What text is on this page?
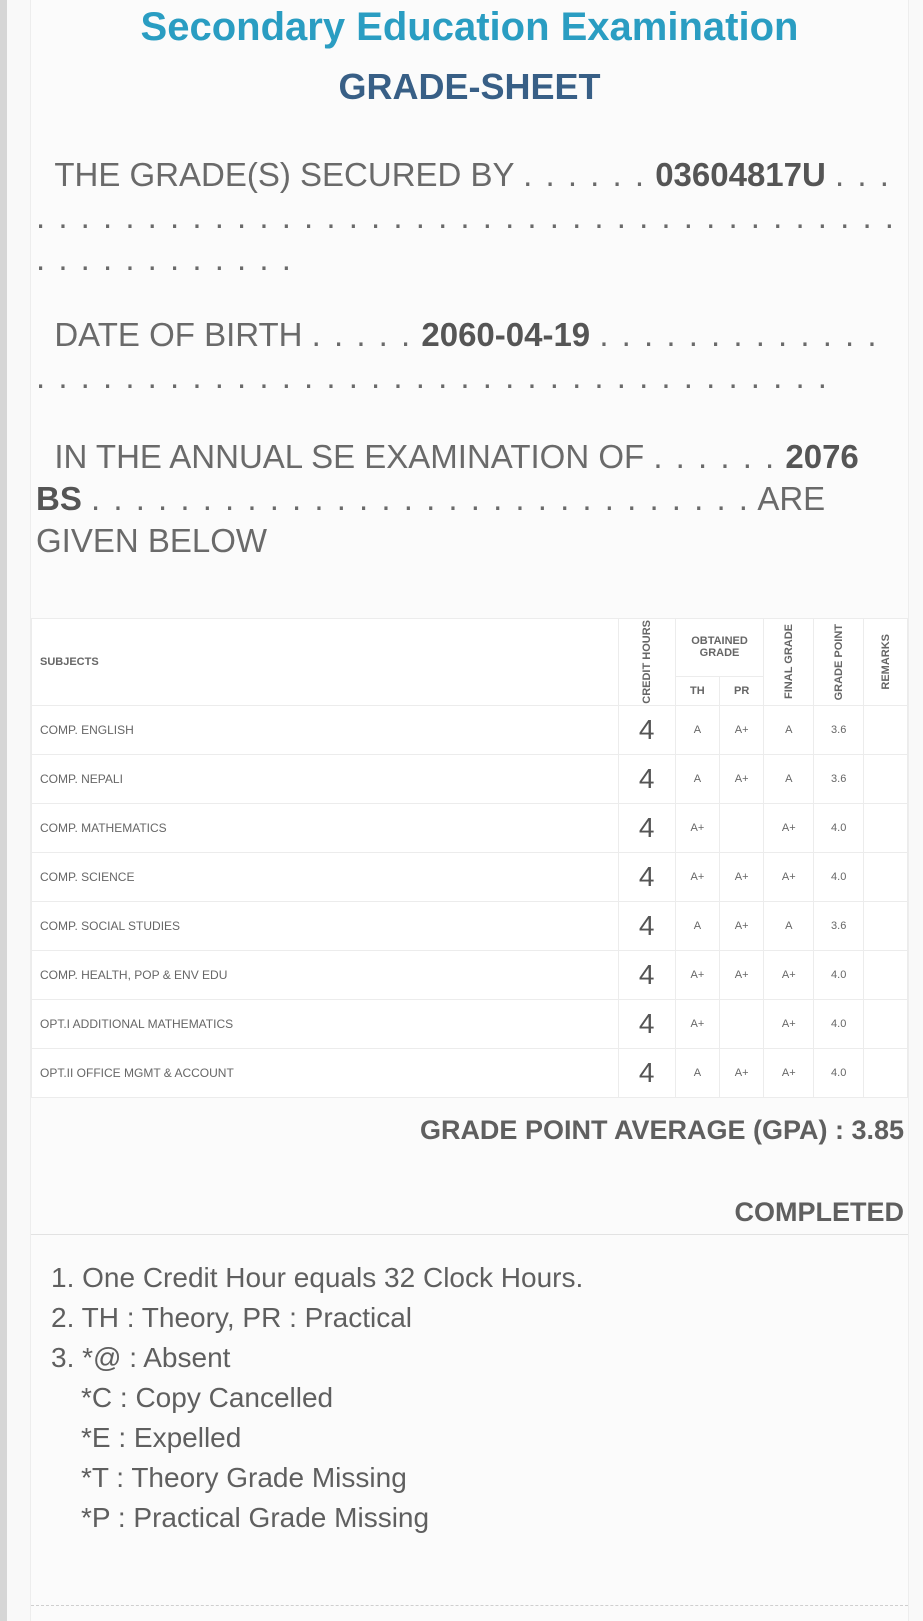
Secondary Education Examination
GRADE-SHEET
THE GRADE(S) SECURED BY . . . . . . 03604817U . . . . . . . . . . . . . . . . . . . . . . . . . . . . . . . . . . . . . . . . . . . . . . . . . . . . . .
DATE OF BIRTH . . . . . 2060-04-19 . . . . . . . . . . . . . . . . . . . . . . . . . . . . . . . . . . . . . . . . . . . . . . . . .
IN THE ANNUAL SE EXAMINATION OF . . . . . . 2076 BS . . . . . . . . . . . . . . . . . . . . . . . . . . . . . . ARE GIVEN BELOW
SUBJECTS	CREDIT HOURS	OBTAINED GRADE		FINAL GRADE	GRADE POINT	REMARKS

		TH	PR			
COMP. ENGLISH	4	A	A+	A	3.6	
COMP. NEPALI	4	A	A+	A	3.6	
COMP. MATHEMATICS	4	A+		A+	4.0	
COMP. SCIENCE	4	A+	A+	A+	4.0	
COMP. SOCIAL STUDIES	4	A	A+	A	3.6	
COMP. HEALTH, POP & ENV EDU	4	A+	A+	A+	4.0	
OPT.I ADDITIONAL MATHEMATICS	4	A+		A+	4.0	
OPT.II OFFICE MGMT & ACCOUNT	4	A	A+	A+	4.0	
GRADE POINT AVERAGE (GPA) : 3.85
COMPLETED
1. One Credit Hour equals 32 Clock Hours.
2. TH : Theory, PR : Practical
3. *@ : Absent
*C : Copy Cancelled
*E : Expelled
*T : Theory Grade Missing
*P : Practical Grade Missing
